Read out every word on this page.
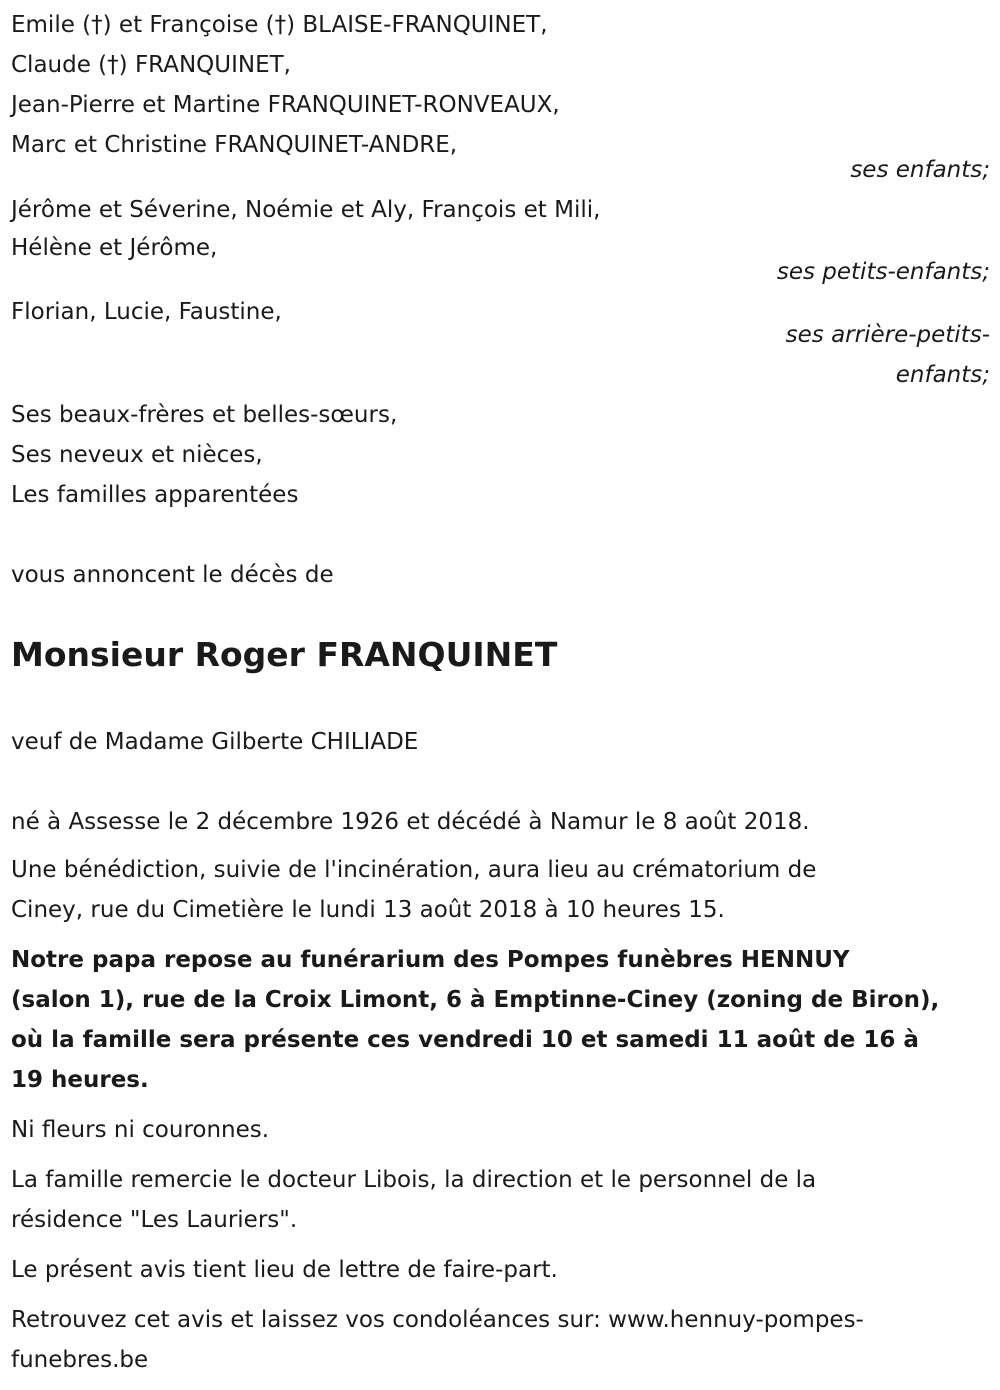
Emile (†) et Françoise (†) BLAISE-FRANQUINET,
Claude (†) FRANQUINET,
Jean-Pierre et Martine FRANQUINET-RONVEAUX,
Marc et Christine FRANQUINET-ANDRE,
ses enfants;
Jérôme et Séverine, Noémie et Aly, François et Mili,
Hélène et Jérôme,
ses petits-enfants;
Florian, Lucie, Faustine,
ses arrière-petits-
enfants;
Ses beaux-frères et belles-sœurs,
Ses neveux et nièces,
Les familles apparentées
vous annoncent le décès de
Monsieur Roger FRANQUINET
veuf de Madame Gilberte CHILIADE
né à Assesse le 2 décembre 1926 et décédé à Namur le 8 août 2018.
Une bénédiction, suivie de l'incinération, aura lieu au crématorium de
Ciney, rue du Cimetière le lundi 13 août 2018 à 10 heures 15.
Notre papa repose au funérarium des Pompes funèbres HENNUY
(salon 1), rue de la Croix Limont, 6 à Emptinne-Ciney (zoning de Biron),
où la famille sera présente ces vendredi 10 et samedi 11 août de 16 à
19 heures.
Ni fleurs ni couronnes.
La famille remercie le docteur Libois, la direction et le personnel de la
résidence "Les Lauriers".
Le présent avis tient lieu de lettre de faire-part.
Retrouvez cet avis et laissez vos condoléances sur: www.hennuy-pompes-
funebres.be
